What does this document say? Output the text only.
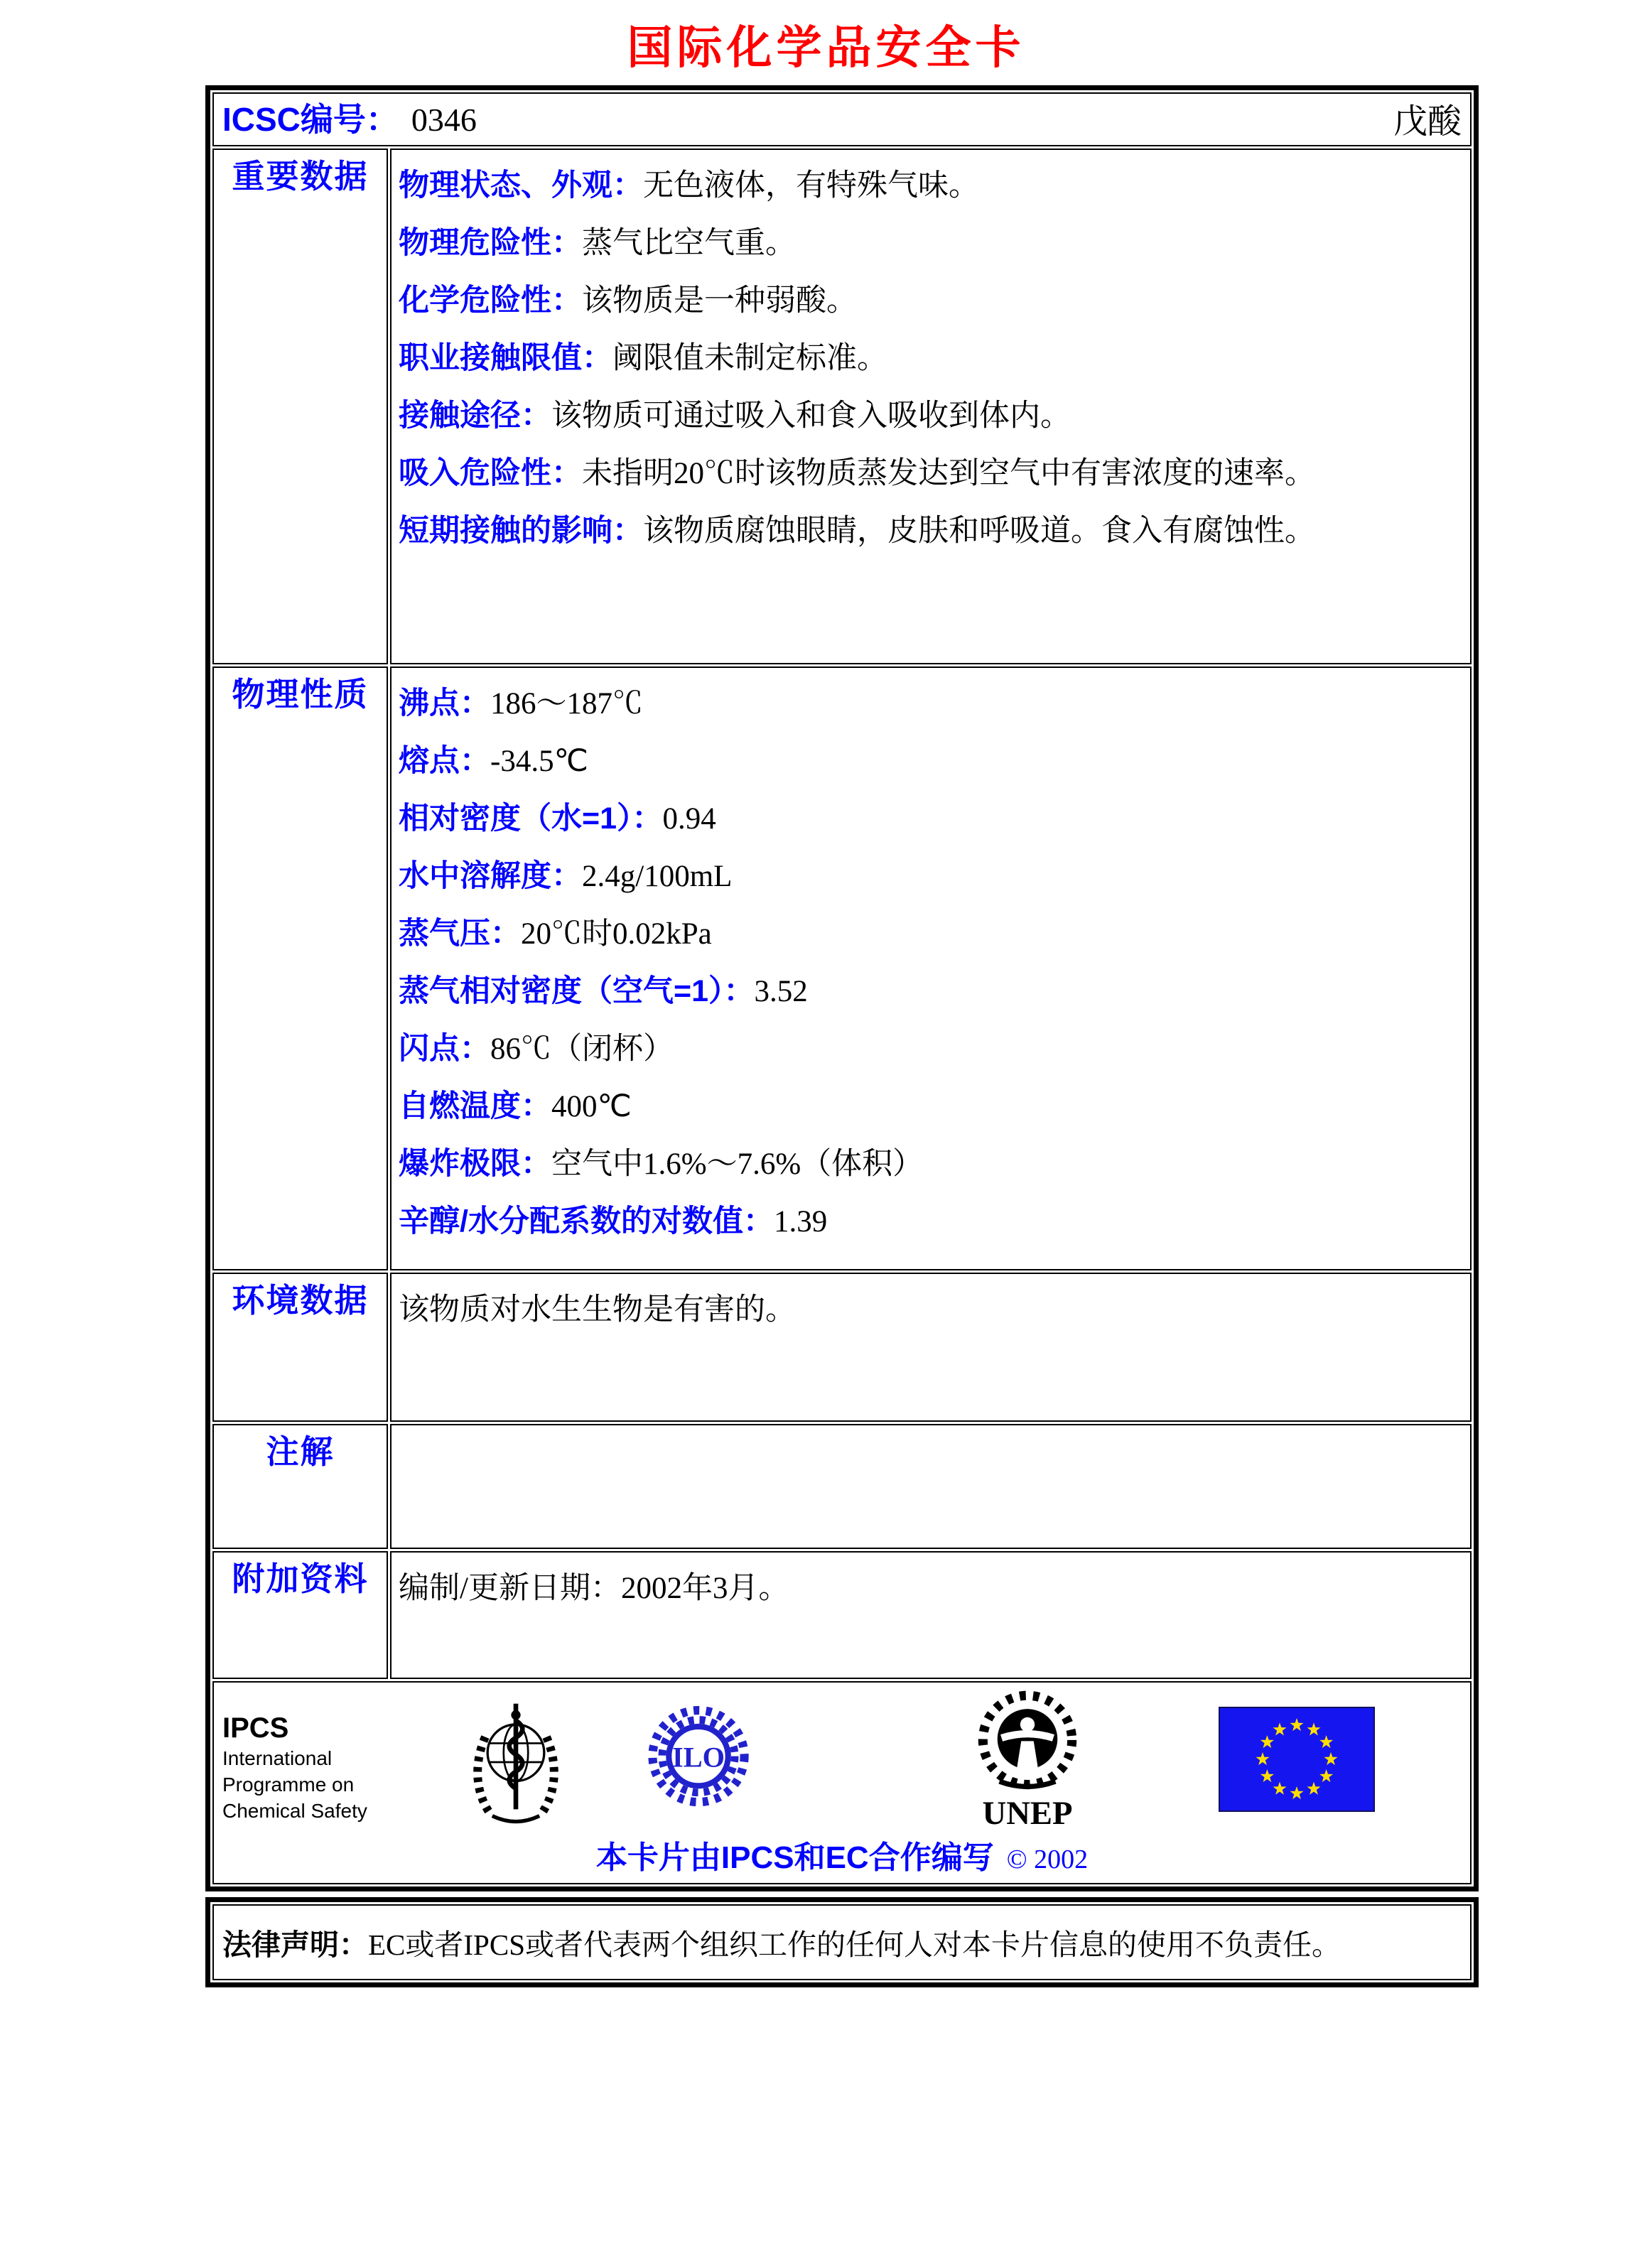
国际化学品安全卡
戊酸
ICSC编号： 0346	
重要数据	物理状态、外观：无色液体，有特殊气味。
物理危险性：蒸气比空气重。
化学危险性：该物质是一种弱酸。
职业接触限值：阈限值未制定标准。
接触途径：该物质可通过吸入和食入吸收到体内。
吸入危险性：未指明20℃时该物质蒸发达到空气中有害浓度的速率。
短期接触的影响：该物质腐蚀眼睛，皮肤和呼吸道。食入有腐蚀性。

物理性质	沸点：186～187℃
熔点：-34.5℃
相对密度（水=1）：0.94
水中溶解度：2.4g/100mL
蒸气压：20℃时0.02kPa
蒸气相对密度（空气=1）：3.52
闪点：86℃（闭杯）
自燃温度：400℃
爆炸极限：空气中1.6%～7.6%（体积）
辛醇/水分配系数的对数值：1.39

环境数据	该物质对水生生物是有害的。

注解	
附加资料	编制/更新日期：2002年3月。

IPCS
International
Programme on
Chemical Safety
ILO
UNEP
本卡片由IPCS和EC合作编写 © 2002
法律声明：EC或者IPCS或者代表两个组织工作的任何人对本卡片信息的使用不负责任。
